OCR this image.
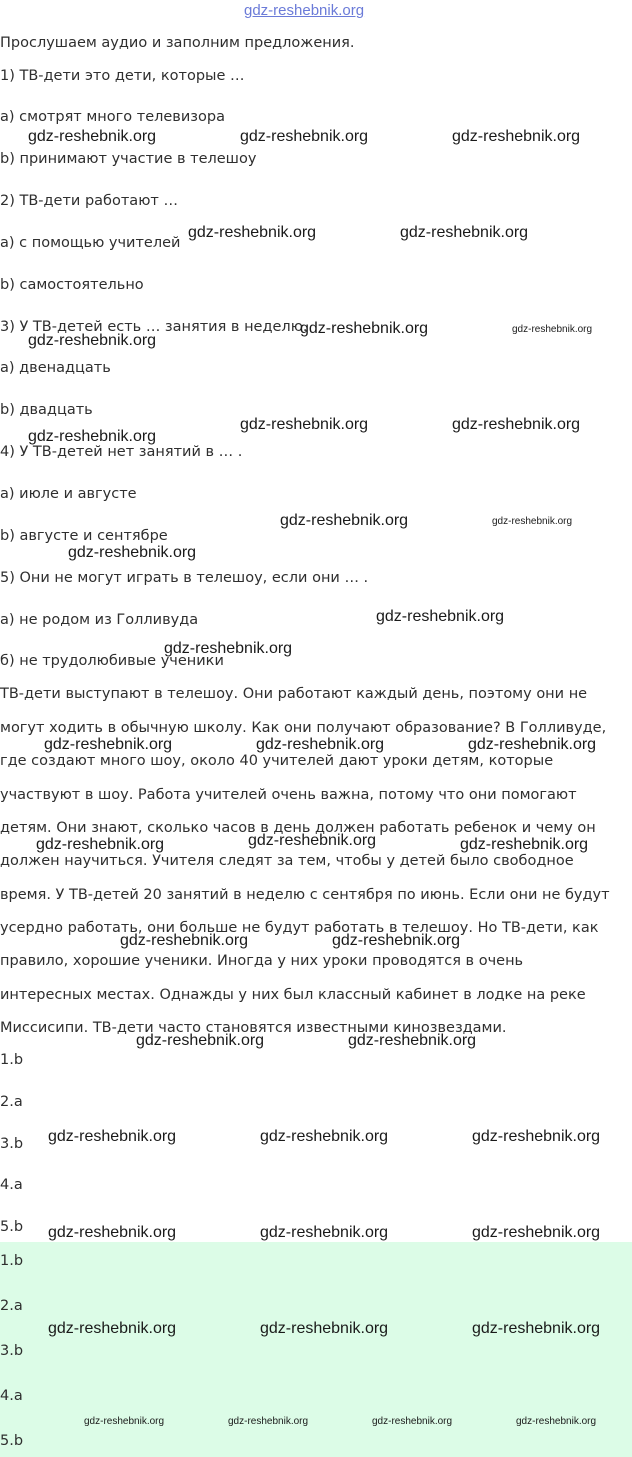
gdz-reshebnik.org
Прослушаем аудио и заполним предложения.
1) ТВ-дети это дети, которые …
a) смотрят много телевизора
b) принимают участие в телешоу
2) ТВ-дети работают …
a) с помощью учителей
b) самостоятельно
3) У ТВ-детей есть … занятия в неделю.
a) двенадцать
b) двадцать
4) У ТВ-детей нет занятий в … .
a) июле и августе
b) августе и сентябре
5) Они не могут играть в телешоу, если они … .
a) не родом из Голливуда
б) не трудолюбивые ученики
ТВ-дети выступают в телешоу. Они работают каждый день, поэтому они не
могут ходить в обычную школу. Как они получают образование? В Голливуде,
где создают много шоу, около 40 учителей дают уроки детям, которые
участвуют в шоу. Работа учителей очень важна, потому что они помогают
детям. Они знают, сколько часов в день должен работать ребенок и чему он
должен научиться. Учителя следят за тем, чтобы у детей было свободное
время. У ТВ-детей 20 занятий в неделю с сентября по июнь. Если они не будут
усердно работать, они больше не будут работать в телешоу. Но ТВ-дети, как
правило, хорошие ученики. Иногда у них уроки проводятся в очень
интересных местах. Однажды у них был классный кабинет в лодке на реке
Миссисипи. ТВ-дети часто становятся известными кинозвездами.
1.b
2.a
3.b
4.a
5.b
1.b
2.a
3.b
4.a
5.b
gdz-reshebnik.org	gdz-reshebnik.org	gdz-reshebnik.org
gdz-reshebnik.org	gdz-reshebnik.org
gdz-reshebnik.org	gdz-reshebnik.org
gdz-reshebnik.org
gdz-reshebnik.org	gdz-reshebnik.org
gdz-reshebnik.org
gdz-reshebnik.org	gdz-reshebnik.org
gdz-reshebnik.org
gdz-reshebnik.org
gdz-reshebnik.org
gdz-reshebnik.org	gdz-reshebnik.org	gdz-reshebnik.org
gdz-reshebnik.org
gdz-reshebnik.org	gdz-reshebnik.org
gdz-reshebnik.org	gdz-reshebnik.org
gdz-reshebnik.org	gdz-reshebnik.org
gdz-reshebnik.org	gdz-reshebnik.org	gdz-reshebnik.org
gdz-reshebnik.org	gdz-reshebnik.org	gdz-reshebnik.org
gdz-reshebnik.org	gdz-reshebnik.org	gdz-reshebnik.org
gdz-reshebnik.org	gdz-reshebnik.org	gdz-reshebnik.org	gdz-reshebnik.org
